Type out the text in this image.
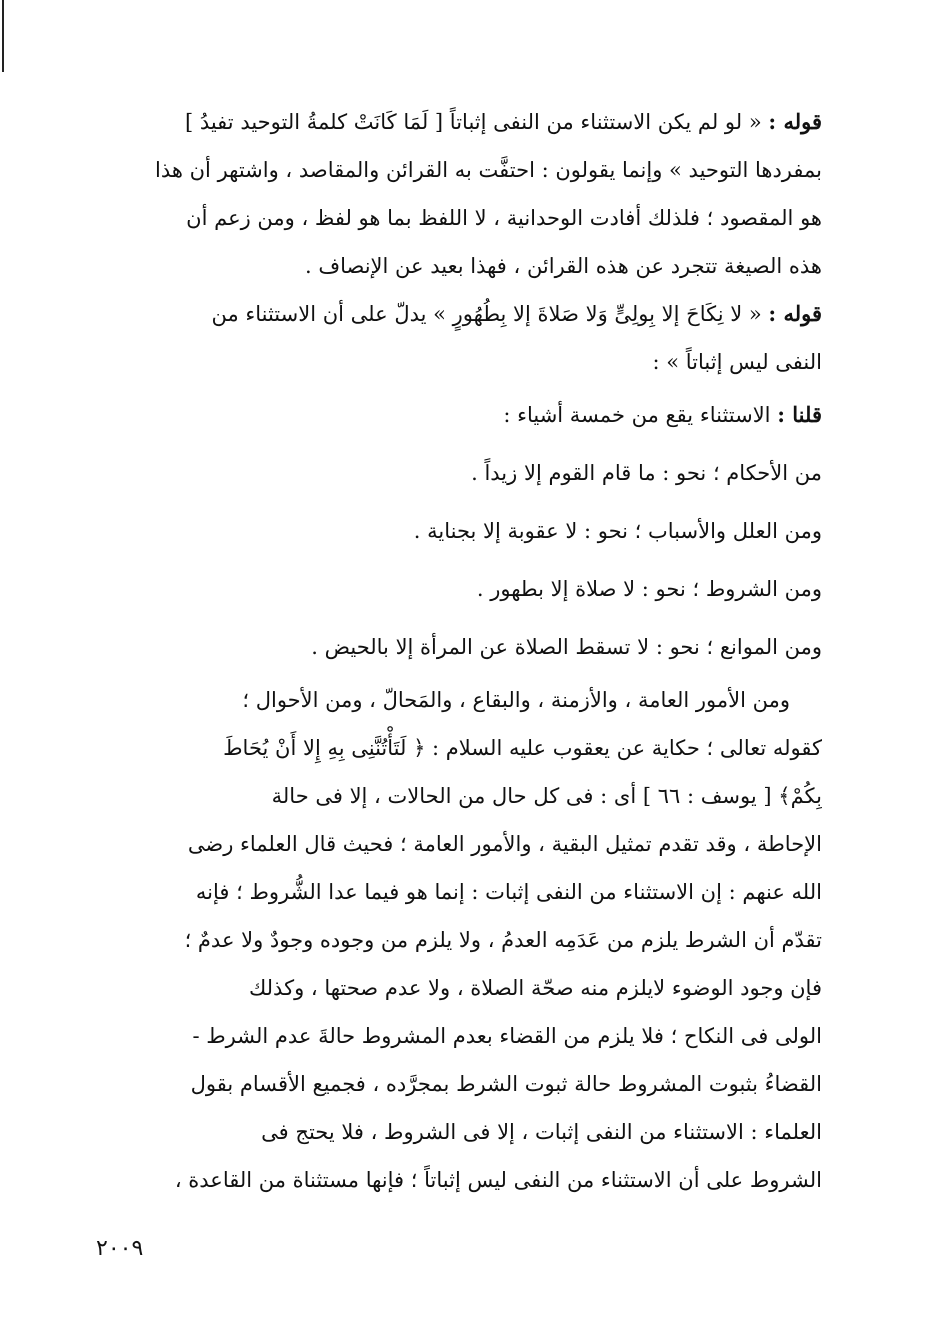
قوله : « لو لم يكن الاستثناء من النفى إثباتاً [ لَمَا كَانَتْ كلمةُ التوحيد تفيدُ ]
بمفردها التوحيد » وإنما يقولون : احتفَّت به القرائن والمقاصد ، واشتهر أن هذا
هو المقصود ؛ فلذلك أفادت الوحدانية ، لا اللفظ بما هو لفظ ، ومن زعم أن
هذه الصيغة تتجرد عن هذه القرائن ، فهذا بعيد عن الإنصاف .
قوله : « لا نِكَاحَ إلا بِولِىٍّ وَلا صَلاةَ إلا بِطُهُورٍ » يدلّ على أن الاستثناء من
النفى ليس إثباتاً » :
قلنا : الاستثناء يقع من خمسة أشياء :
من الأحكام ؛ نحو : ما قام القوم إلا زيداً .
ومن العلل والأسباب ؛ نحو : لا عقوبة إلا بجناية .
ومن الشروط ؛ نحو : لا صلاة إلا بطهور .
ومن الموانع ؛ نحو : لا تسقط الصلاة عن المرأة إلا بالحيض .
ومن الأمور العامة ، والأزمنة ، والبقاع ، والمَحالّ ، ومن الأحوال ؛
كقوله تعالى ؛ حكاية عن يعقوب عليه السلام : ﴿ لَتَأْتُنَّنِى بِهِ إِلا أَنْ يُحَاطَ
بِكُمْ﴾ [ يوسف : ٦٦ ] أى : فى كل حال من الحالات ، إلا فى حالة
الإحاطة ، وقد تقدم تمثيل البقية ، والأمور العامة ؛ فحيث قال العلماء رضى
الله عنهم : إن الاستثناء من النفى إثبات : إنما هو فيما عدا الشُّروط ؛ فإنه
تقدّم أن الشرط يلزم من عَدَمِه العدمُ ، ولا يلزم من وجوده وجودٌ ولا عدمٌ ؛
فإن وجود الوضوء لايلزم منه صحّة الصلاة ، ولا عدم صحتها ، وكذلك
الولى فى النكاح ؛ فلا يلزم من القضاء بعدم المشروط حالةَ عدم الشرط -
القضاءُ بثبوت المشروط حالة ثبوت الشرط بمجرَّده ، فجميع الأقسام بقول
العلماء : الاستثناء من النفى إثبات ، إلا فى الشروط ، فلا يحتج فى
الشروط على أن الاستثناء من النفى ليس إثباتاً ؛ فإنها مستثناة من القاعدة ،
٢٠٠٩
